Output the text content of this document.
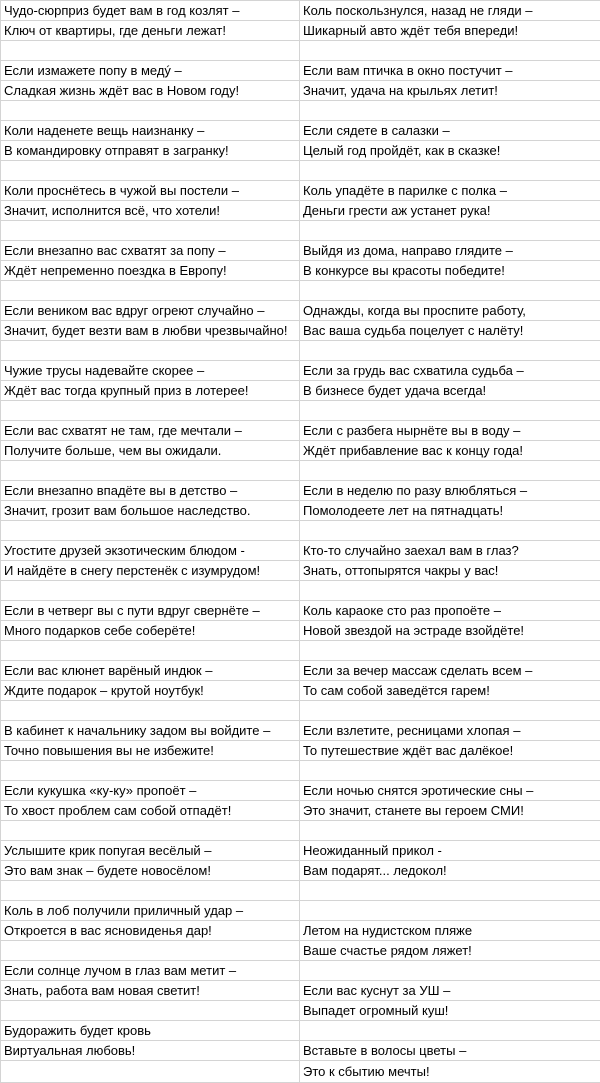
Чудо-сюрприз будет вам в год козлят –	Коль поскользнулся, назад не гляди –
Ключ от квартиры, где деньги лежат!	Шикарный авто ждёт тебя впереди!

Если измажете попу в медý –	Если вам птичка в окно постучит –
Сладкая жизнь ждёт вас в Новом году!	Значит, удача на крыльях летит!

Коли наденете вещь наизнанку –	Если сядете в салазки –
В командировку отправят в загранку!	Целый год пройдёт, как в сказке!

Коли проснётесь в чужой вы постели –	Коль упадёте в парилке с полка –
Значит, исполнится всё, что хотели!	Деньги грести аж устанет рука!

Если внезапно вас схватят за попу –	Выйдя из дома, направо глядите –
Ждёт непременно поездка в Европу!	В конкурсе вы красоты победите!

Если веником вас вдруг огреют случайно –	Однажды, когда вы проспите работу,
Значит, будет везти вам в любви чрезвычайно!	Вас ваша судьба поцелует с налёту!

Чужие трусы надевайте скорее –	Если за грудь вас схватила судьба –
Ждёт вас тогда крупный приз в лотерее!	В бизнесе будет удача всегда!

Если вас схватят не там, где мечтали –	Если с разбега нырнёте вы в воду –
Получите больше, чем вы ожидали.	Ждёт прибавление вас к концу года!

Если внезапно впадёте вы в детство –	Если в неделю по разу влюбляться –
Значит, грозит вам большое наследство.	Помолодеете лет на пятнадцать!

Угостите друзей экзотическим блюдом -	Кто-то случайно заехал вам в глаз?
И найдёте в снегу перстенёк с изумрудом!	Знать, оттопырятся чакры у вас!

Если в четверг вы с пути вдруг свернёте –	Коль караоке сто раз пропоёте –
Много подарков себе соберёте!	Новой звездой на эстраде взойдёте!

Если вас клюнет варёный индюк –	Если за вечер массаж сделать всем –
Ждите подарок – крутой ноутбук!	То сам собой заведётся гарем!

В кабинет к начальнику задом вы войдите –	Если взлетите, ресницами хлопая –
Точно повышения вы не избежите!	То путешествие ждёт вас далёкое!

Если кукушка «ку-ку» пропоёт –	Если ночью снятся эротические сны –
То хвост проблем сам собой отпадёт!	Это значит, станете вы героем СМИ!

Услышите крик попугая весёлый –	Неожиданный прикол -
Это вам знак – будете новосёлом!	Вам подарят... ледокол!

Коль в лоб получили приличный удар –	
Откроется в вас ясновиденья дар!	Летом на нудистском пляже
	Ваше счастье рядом ляжет!
Если солнце лучом в глаз вам метит –	
Знать, работа вам новая светит!	Если вас куснут за УШ –
	Выпадет огромный куш!
Будоражить будет кровь	
Виртуальная любовь!	Вставьте в волосы цветы –
	Это к сбытию мечты!
